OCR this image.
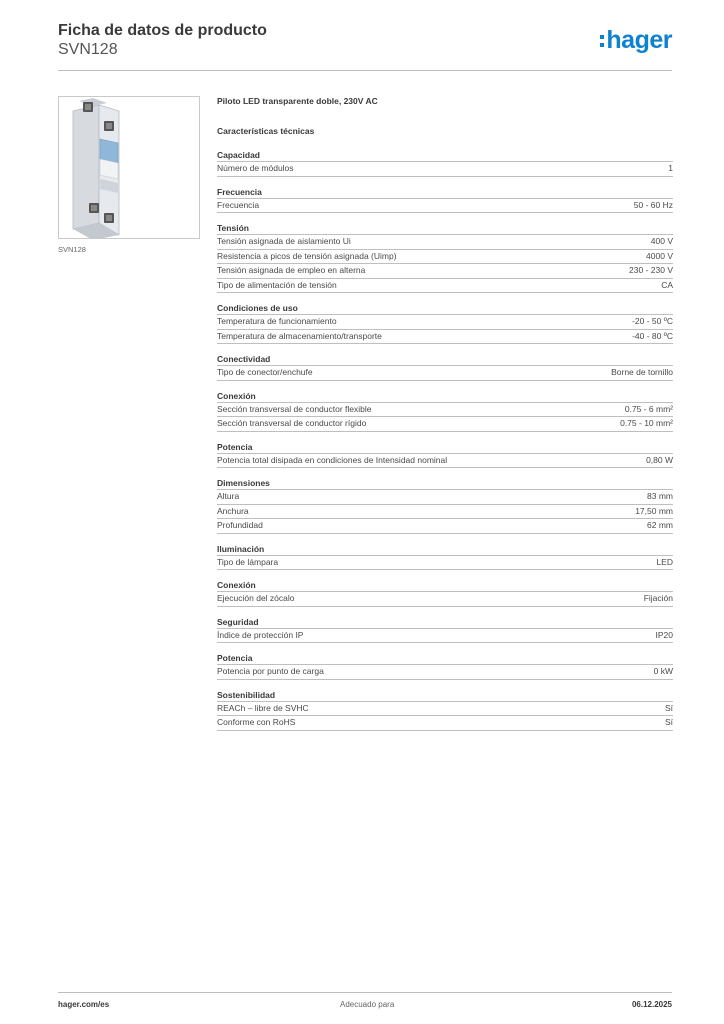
Ficha de datos de producto
SVN128	hager
SVN128
Piloto LED transparente doble, 230V AC
Características técnicas
Capacidad
Número de módulos	1
Frecuencia
Frecuencia	50 - 60 Hz
Tensión
Tensión asignada de aislamiento Ui	400 V
Resistencia a picos de tensión asignada (Uimp)	4000 V
Tensión asignada de empleo en alterna	230 - 230 V
Tipo de alimentación de tensión	CA
Condiciones de uso
Temperatura de funcionamiento	-20 - 50 ºC
Temperatura de almacenamiento/transporte	-40 - 80 ºC
Conectividad
Tipo de conector/enchufe	Borne de tornillo
Conexión
Sección transversal de conductor flexible	0.75 - 6 mm²
Sección transversal de conductor rígido	0.75 - 10 mm²
Potencia
Potencia total disipada en condiciones de Intensidad nominal	0,80 W
Dimensiones
Altura	83 mm
Anchura	17,50 mm
Profundidad	62 mm
Iluminación
Tipo de lámpara	LED
Conexión
Ejecución del zócalo	Fijación
Seguridad
Índice de protección IP	IP20
Potencia
Potencia por punto de carga	0 kW
Sostenibilidad
REACh – libre de SVHC	Sí
Conforme con RoHS	Sí
hager.com/es	Adecuado para	06.12.2025
